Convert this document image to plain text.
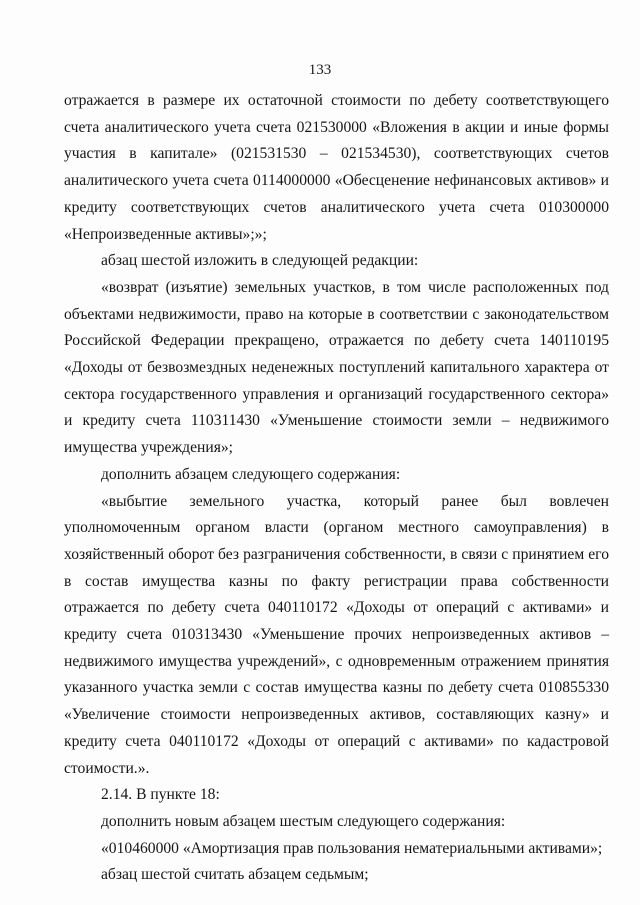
133

отражается в размере их остаточной стоимости по дебету соответствующего счета аналитического учета счета 021530000 «Вложения в акции и иные формы участия в капитале» (021531530 – 021534530), соответствующих счетов аналитического учета счета 0114000000 «Обесценение нефинансовых активов» и кредиту соответствующих счетов аналитического учета счета 010300000 «Непроизведенные активы»;»;

абзац шестой изложить в следующей редакции:

«возврат (изъятие) земельных участков, в том числе расположенных под объектами недвижимости, право на которые в соответствии с законодательством Российской Федерации прекращено, отражается по дебету счета 140110195 «Доходы от безвозмездных неденежных поступлений капитального характера от сектора государственного управления и организаций государственного сектора» и кредиту счета 110311430 «Уменьшение стоимости земли – недвижимого имущества учреждения»;

дополнить абзацем следующего содержания:

«выбытие земельного участка, который ранее был вовлечен уполномоченным органом власти (органом местного самоуправления) в хозяйственный оборот без разграничения собственности, в связи с принятием его в состав имущества казны по факту регистрации права собственности отражается по дебету счета 040110172 «Доходы от операций с активами» и кредиту счета 010313430 «Уменьшение прочих непроизведенных активов – недвижимого имущества учреждений», с одновременным отражением принятия указанного участка земли с состав имущества казны по дебету счета 010855330 «Увеличение стоимости непроизведенных активов, составляющих казну» и кредиту счета 040110172 «Доходы от операций с активами» по кадастровой стоимости.».

2.14. В пункте 18:

дополнить новым абзацем шестым следующего содержания:

«010460000 «Амортизация прав пользования нематериальными активами»;

абзац шестой считать абзацем седьмым;
